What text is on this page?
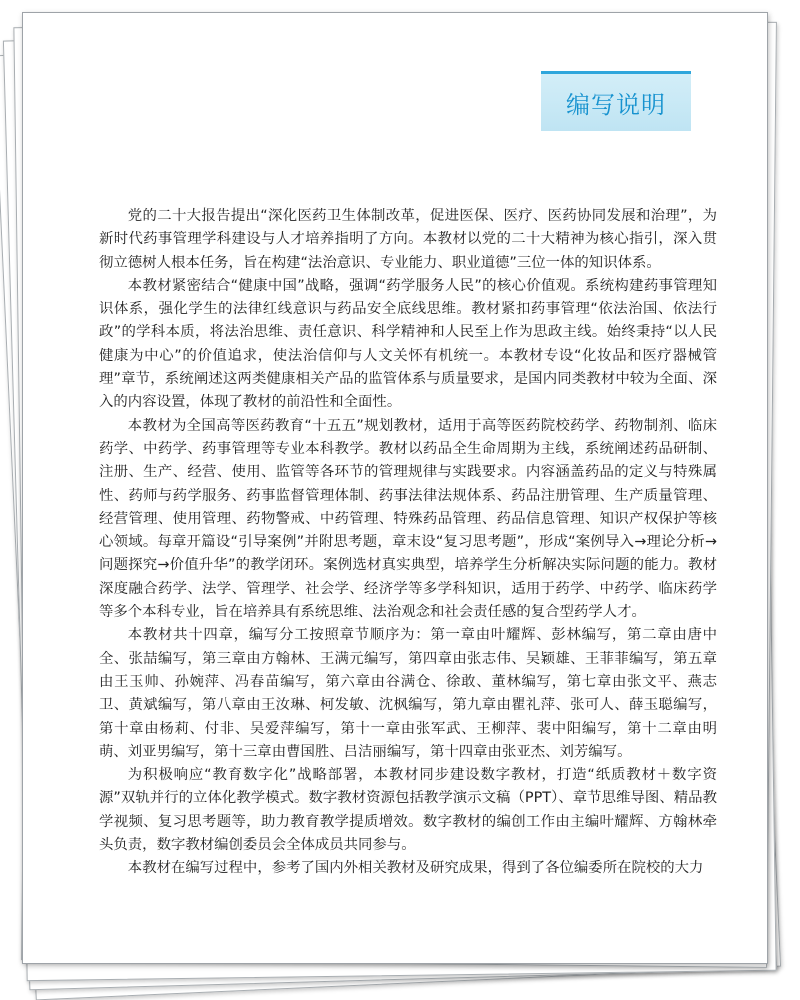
编写说明

党的二十大报告提出“深化医药卫生体制改革，促进医保、医疗、医药协同发展和治理”，为新时代药事管理学科建设与人才培养指明了方向。本教材以党的二十大精神为核心指引，深入贯彻立德树人根本任务，旨在构建“法治意识、专业能力、职业道德”三位一体的知识体系。

本教材紧密结合“健康中国”战略，强调“药学服务人民”的核心价值观。系统构建药事管理知识体系，强化学生的法律红线意识与药品安全底线思维。教材紧扣药事管理“依法治国、依法行政”的学科本质，将法治思维、责任意识、科学精神和人民至上作为思政主线。始终秉持“以人民健康为中心”的价值追求，使法治信仰与人文关怀有机统一。本教材专设“化妆品和医疗器械管理”章节，系统阐述这两类健康相关产品的监管体系与质量要求，是国内同类教材中较为全面、深入的内容设置，体现了教材的前沿性和全面性。

本教材为全国高等医药教育“十五五”规划教材，适用于高等医药院校药学、药物制剂、临床药学、中药学、药事管理等专业本科教学。教材以药品全生命周期为主线，系统阐述药品研制、注册、生产、经营、使用、监管等各环节的管理规律与实践要求。内容涵盖药品的定义与特殊属性、药师与药学服务、药事监督管理体制、药事法律法规体系、药品注册管理、生产质量管理、经营管理、使用管理、药物警戒、中药管理、特殊药品管理、药品信息管理、知识产权保护等核心领域。每章开篇设“引导案例”并附思考题，章末设“复习思考题”，形成“案例导入→理论分析→问题探究→价值升华”的教学闭环。案例选材真实典型，培养学生分析解决实际问题的能力。教材深度融合药学、法学、管理学、社会学、经济学等多学科知识，适用于药学、中药学、临床药学等多个本科专业，旨在培养具有系统思维、法治观念和社会责任感的复合型药学人才。

本教材共十四章，编写分工按照章节顺序为：第一章由叶耀辉、彭林编写，第二章由唐中全、张喆编写，第三章由方翰林、王满元编写，第四章由张志伟、吴颖雄、王菲菲编写，第五章由王玉帅、孙婉萍、冯春苗编写，第六章由谷满仓、徐敢、董林编写，第七章由张文平、燕志卫、黄斌编写，第八章由王汝琳、柯发敏、沈枫编写，第九章由瞿礼萍、张可人、薛玉聪编写，第十章由杨莉、付非、吴爱萍编写，第十一章由张军武、王柳萍、裴中阳编写，第十二章由明萌、刘亚男编写，第十三章由曹国胜、吕洁丽编写，第十四章由张亚杰、刘芳编写。

为积极响应“教育数字化”战略部署，本教材同步建设数字教材，打造“纸质教材＋数字资源”双轨并行的立体化教学模式。数字教材资源包括教学演示文稿（PPT）、章节思维导图、精品教学视频、复习思考题等，助力教育教学提质增效。数字教材的编创工作由主编叶耀辉、方翰林牵头负责，数字教材编创委员会全体成员共同参与。

本教材在编写过程中，参考了国内外相关教材及研究成果，得到了各位编委所在院校的大力
